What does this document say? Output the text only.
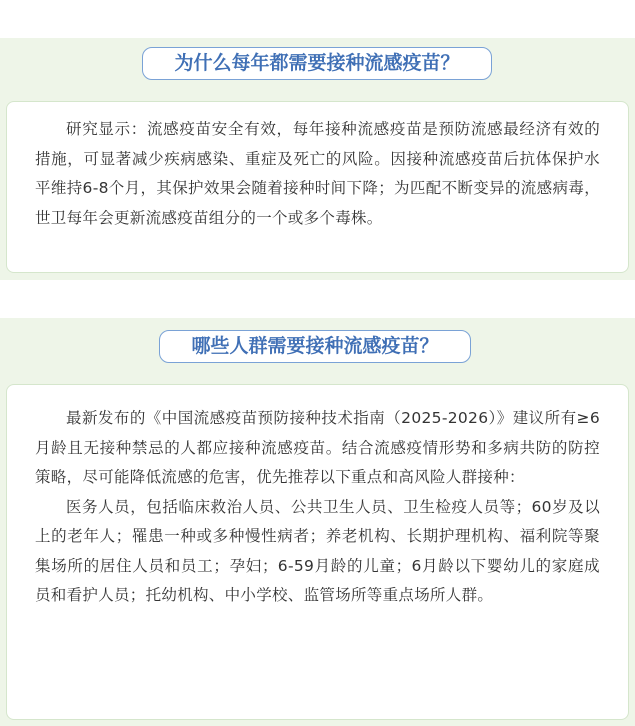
为什么每年都需要接种流感疫苗？

研究显示：流感疫苗安全有效，每年接种流感疫苗是预防流感最经济有效的措施，可显著减少疾病感染、重症及死亡的风险。因接种流感疫苗后抗体保护水平维持6-8个月，其保护效果会随着接种时间下降；为匹配不断变异的流感病毒，世卫每年会更新流感疫苗组分的一个或多个毒株。

哪些人群需要接种流感疫苗？

最新发布的《中国流感疫苗预防接种技术指南（2025-2026）》建议所有≥6月龄且无接种禁忌的人都应接种流感疫苗。结合流感疫情形势和多病共防的防控策略，尽可能降低流感的危害，优先推荐以下重点和高风险人群接种：

医务人员，包括临床救治人员、公共卫生人员、卫生检疫人员等；60岁及以上的老年人；罹患一种或多种慢性病者；养老机构、长期护理机构、福利院等聚集场所的居住人员和员工；孕妇；6-59月龄的儿童；6月龄以下婴幼儿的家庭成员和看护人员；托幼机构、中小学校、监管场所等重点场所人群。
